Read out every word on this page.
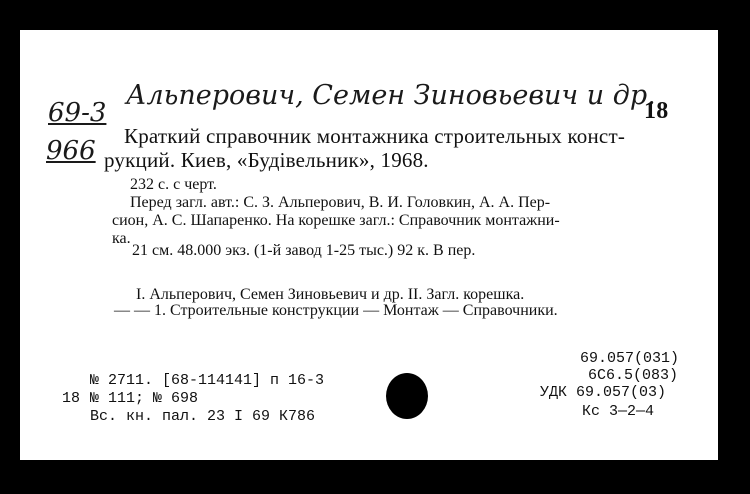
Альперович, Семен Зиновьевич и др.
69-3
966
18
Краткий справочник монтажника строительных конст-
рукций. Киев, «Будівельник», 1968.
232 с. с черт.
Перед загл. авт.: С. З. Альперович, В. И. Головкин, А. А. Пер-
сион, А. С. Шапаренко. На корешке загл.: Справочник монтажни-
ка.
21 см. 48.000 экз. (1-й завод 1-25 тыс.) 92 к. В пер.
I. Альперович, Семен Зиновьевич и др. II. Загл. корешка.
— — 1. Строительные конструкции — Монтаж — Справочники.
№ 2711. [68-114141] п 16-3
18 № 111; № 698
Вс. кн. пал. 23 I 69 К786
69.057(031)
6С6.5(083)
УДК 69.057(03)
Кс 3—2—4
